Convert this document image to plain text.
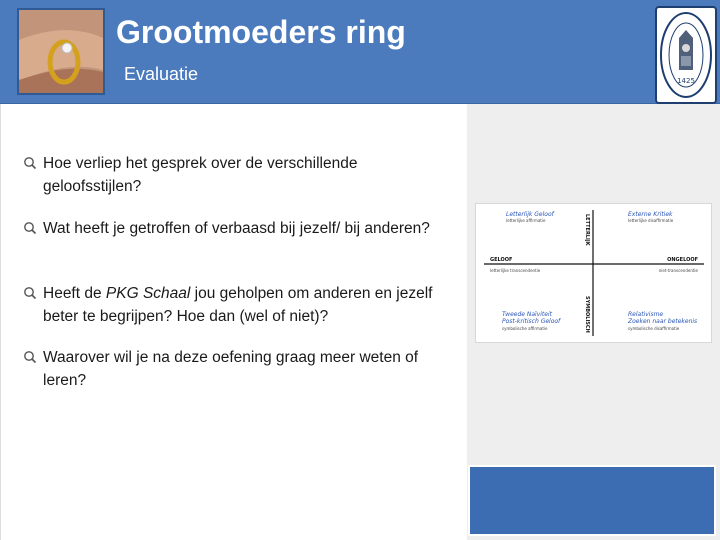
Grootmoeders ring
Evaluatie	1425
Hoe verliep het gesprek over de verschillende geloofsstijlen?
Wat heeft je getroffen of verbaasd bij jezelf/ bij anderen?
Heeft de PKG Schaal jou geholpen om anderen en jezelf beter te begrijpen? Hoe dan (wel of niet)?
Waarover wil je na deze oefening graag meer weten of leren?
Letterlijk Geloof
letterlijke affirmatie
Externe Kritiek
letterlijke disaffirmatie
Tweede Naïviteit
Post-kritisch Geloof
symbolische affirmatie
Relativisme
Zoeken naar betekenis
symbolische disaffirmatie
GELOOF
letterlijke transcendentie
ONGELOOF
niet-transcendentie
LETTERLIJK
SYMBOLISCH
